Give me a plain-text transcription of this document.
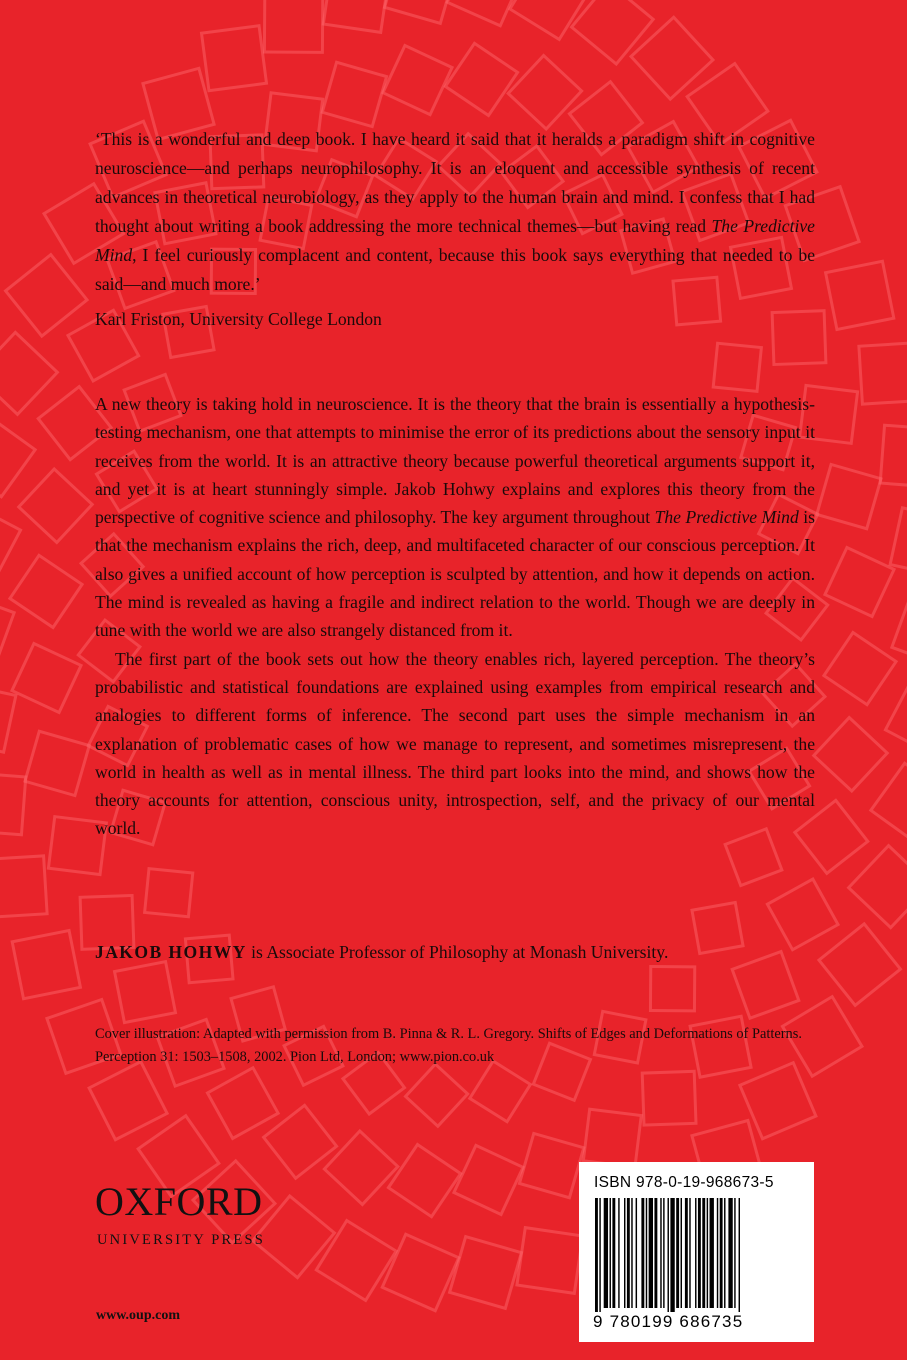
‘This is a wonderful and deep book. I have heard it said that it heralds a paradigm shift in cognitive neuroscience—and perhaps neurophilosophy. It is an eloquent and accessible synthesis of recent advances in theoretical neurobiology, as they apply to the human brain and mind. I confess that I had thought about writing a book addressing the more technical themes—but having read The Predictive Mind, I feel curiously complacent and content, because this book says everything that needed to be said—and much more.’

Karl Friston, University College London

A new theory is taking hold in neuroscience. It is the theory that the brain is essentially a hypothesis-testing mechanism, one that attempts to minimise the error of its predictions about the sensory input it receives from the world. It is an attractive theory because powerful theoretical arguments support it, and yet it is at heart stunningly simple. Jakob Hohwy explains and explores this theory from the perspective of cognitive science and philosophy. The key argument throughout The Predictive Mind is that the mechanism explains the rich, deep, and multifaceted character of our conscious perception. It also gives a unified account of how perception is sculpted by attention, and how it depends on action. The mind is revealed as having a fragile and indirect relation to the world. Though we are deeply in tune with the world we are also strangely distanced from it.

The first part of the book sets out how the theory enables rich, layered perception. The theory’s probabilistic and statistical foundations are explained using examples from empirical research and analogies to different forms of inference. The second part uses the simple mechanism in an explanation of problematic cases of how we manage to represent, and sometimes misrepresent, the world in health as well as in mental illness. The third part looks into the mind, and shows how the theory accounts for attention, conscious unity, introspection, self, and the privacy of our mental world.

JAKOB HOHWY is Associate Professor of Philosophy at Monash University.
Cover illustration: Adapted with permission from B. Pinna & R. L. Gregory. Shifts of Edges and Deformations of Patterns. Perception 31: 1503–1508, 2002. Pion Ltd, London; www.pion.co.uk
OXFORD
UNIVERSITY PRESS
www.oup.com
ISBN 978-0-19-968673-5
9 780199 686735
